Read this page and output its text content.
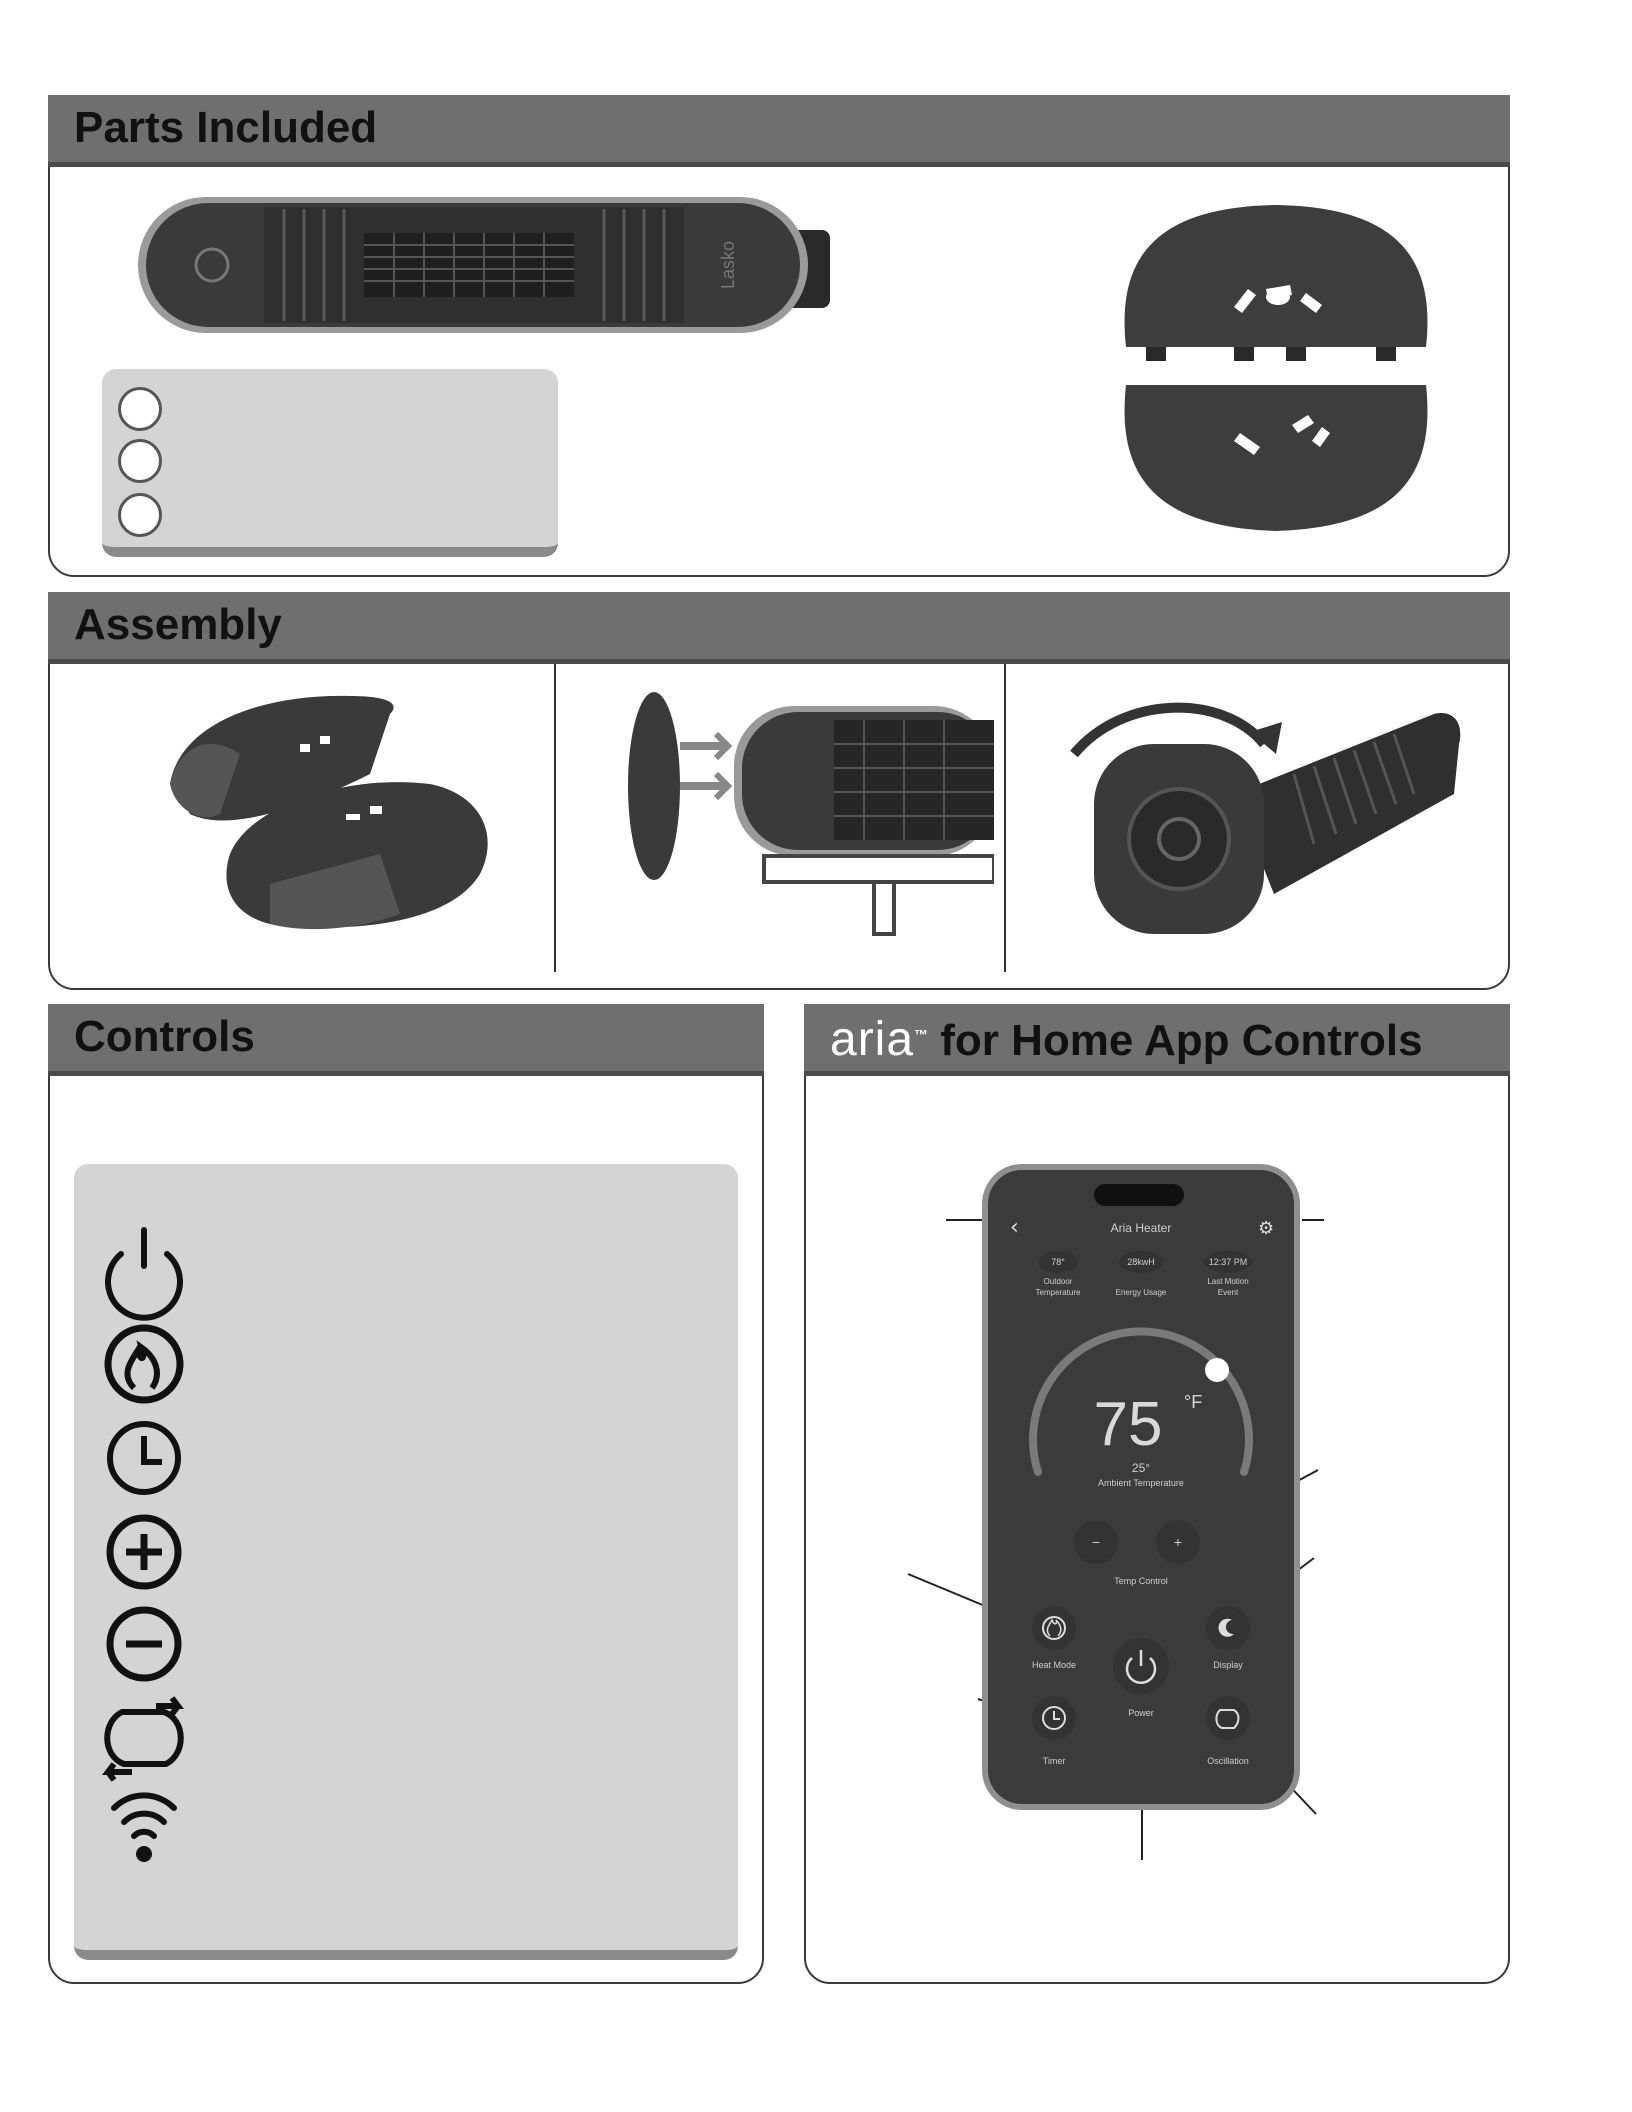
Parts Included
Lasko
Assembly
Controls	aria™ for Home App Controls
‹	⚙
Aria Heater
78°
Outdoor
Temperature
28kwH
Energy Usage
12:37 PM
Last Motion
Event
75 °F
25°
Ambient Temperature
−	+
Temp Control
Heat Mode	Display
Power
Timer	Oscillation
